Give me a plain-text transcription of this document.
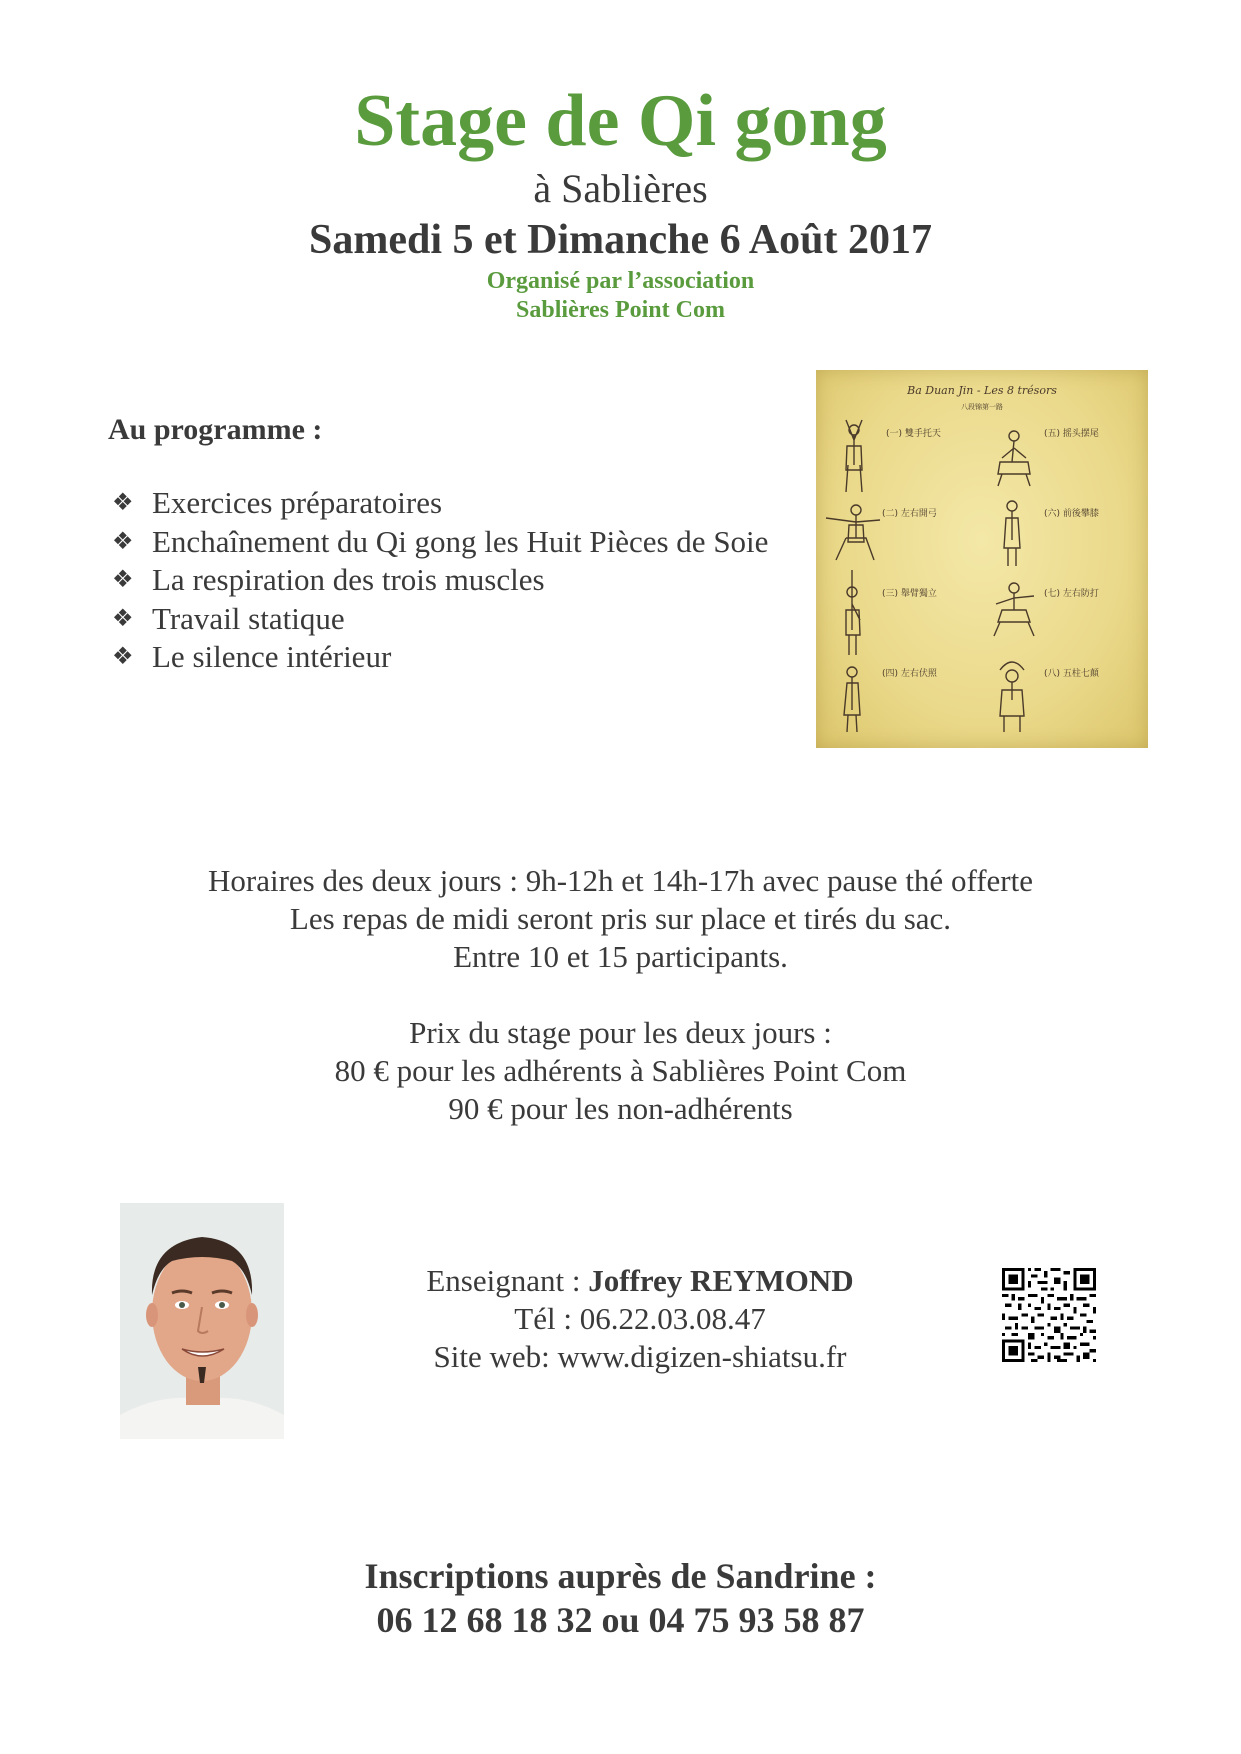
Stage de Qi gong
à Sablières
Samedi 5 et Dimanche 6 Août 2017
Organisé par l’association
Sablières Point Com
Au programme :
❖ Exercices préparatoires
❖ Enchaînement du Qi gong les Huit Pièces de Soie
❖ La respiration des trois muscles
❖ Travail statique
❖ Le silence intérieur
Ba Duan Jin - Les 8 trésors
八段锦第一路
(一) 雙手托天	(五) 摇头摆尾
(二) 左右開弓	(六) 前後攀膝
(三) 舉臂獨立	(七) 左右防打
(四) 左右伏照	(八) 五柱七顛
Horaires des deux jours : 9h-12h et 14h-17h avec pause thé offerte
Les repas de midi seront pris sur place et tirés du sac.
Entre 10 et 15 participants.
Prix du stage pour les deux jours :
80 € pour les adhérents à Sablières Point Com
90 € pour les non-adhérents
Enseignant : Joffrey REYMOND
Tél : 06.22.03.08.47
Site web: www.digizen-shiatsu.fr
Inscriptions auprès de Sandrine :
06 12 68 18 32 ou 04 75 93 58 87
